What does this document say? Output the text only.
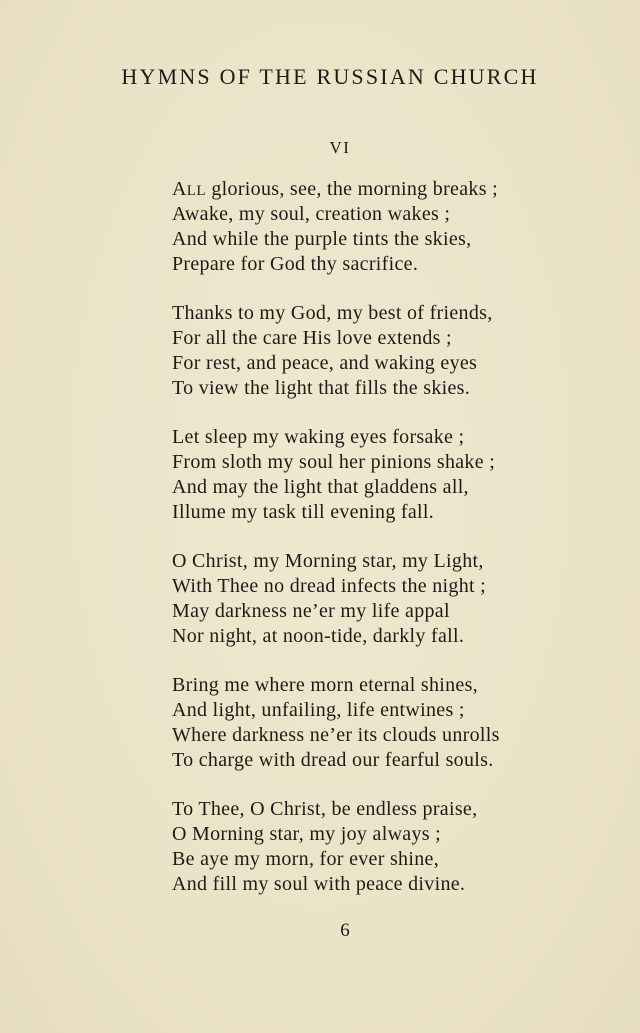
HYMNS OF THE RUSSIAN CHURCH
VI
ALL glorious, see, the morning breaks ;
Awake, my soul, creation wakes ;
And while the purple tints the skies,
Prepare for God thy sacrifice.
Thanks to my God, my best of friends,
For all the care His love extends ;
For rest, and peace, and waking eyes
To view the light that fills the skies.
Let sleep my waking eyes forsake ;
From sloth my soul her pinions shake ;
And may the light that gladdens all,
Illume my task till evening fall.
O Christ, my Morning star, my Light,
With Thee no dread infects the night ;
May darkness ne’er my life appal
Nor night, at noon-tide, darkly fall.
Bring me where morn eternal shines,
And light, unfailing, life entwines ;
Where darkness ne’er its clouds unrolls
To charge with dread our fearful souls.
To Thee, O Christ, be endless praise,
O Morning star, my joy always ;
Be aye my morn, for ever shine,
And fill my soul with peace divine.
6
